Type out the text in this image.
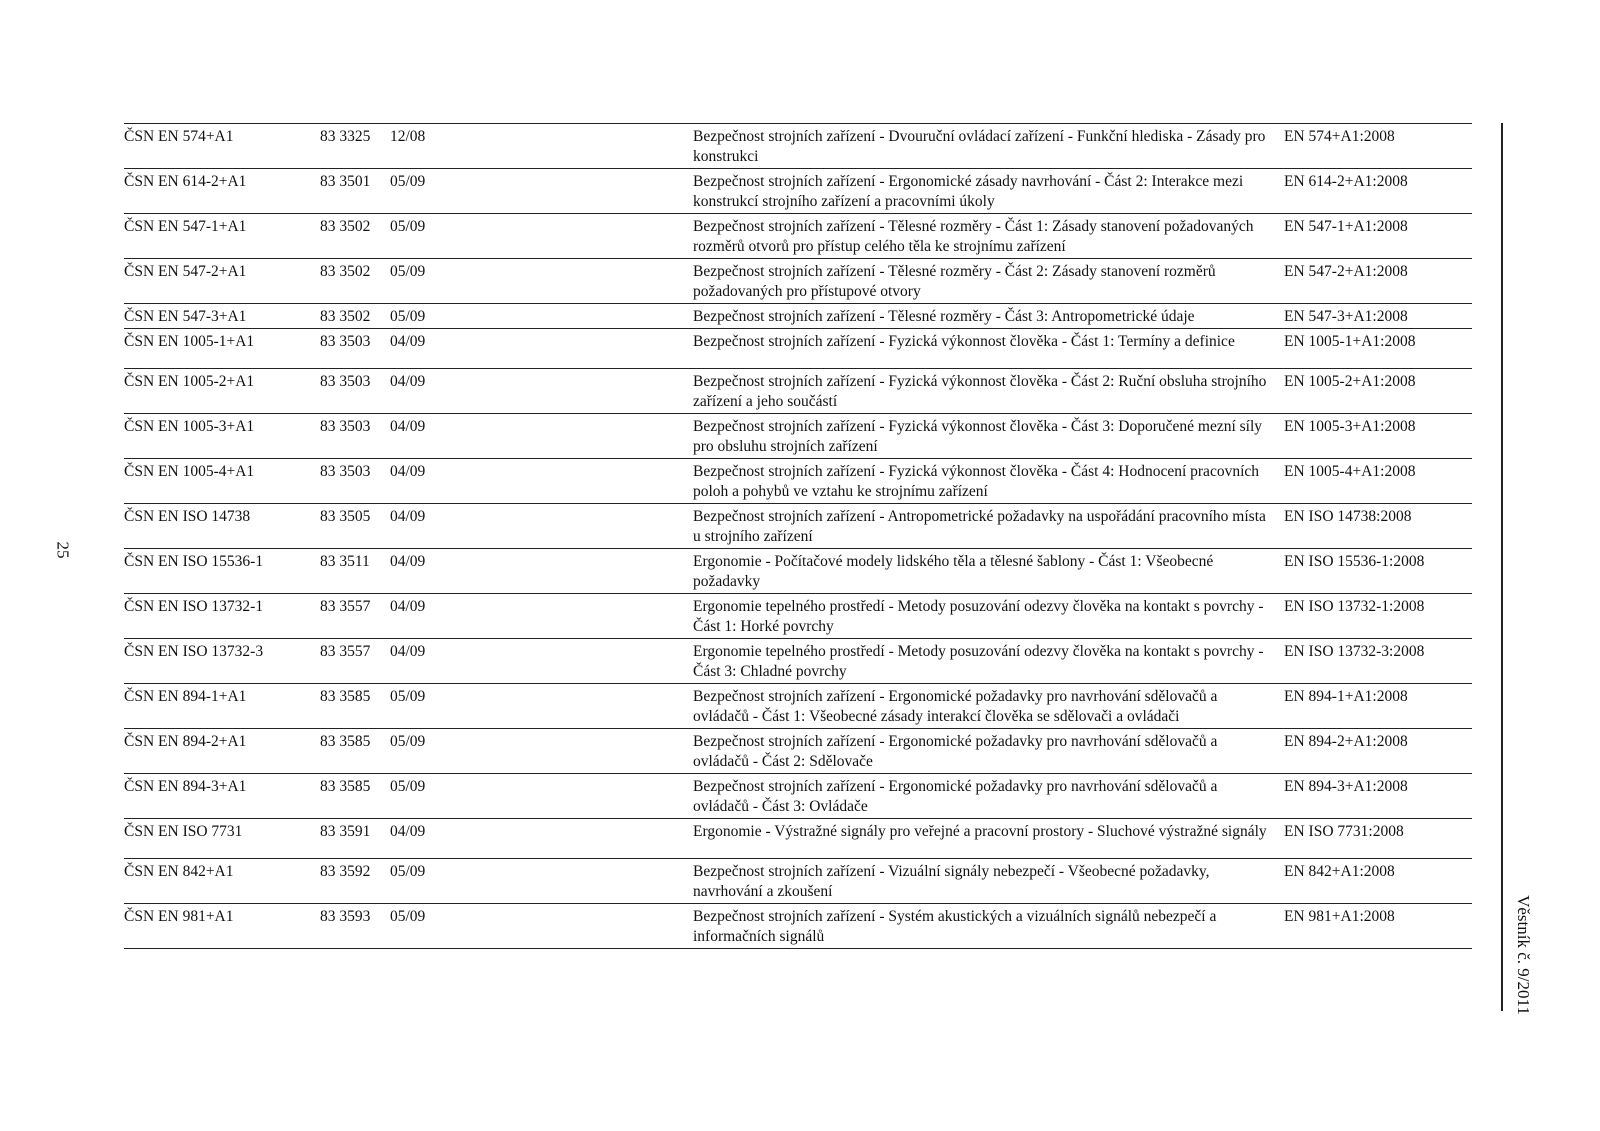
25
ČSN EN 574+A1	83 3325	12/08	Bezpečnost strojních zařízení - Dvouruční ovládací zařízení - Funkční hlediska - Zásady pro konstrukci	EN 574+A1:2008
ČSN EN 614-2+A1	83 3501	05/09	Bezpečnost strojních zařízení - Ergonomické zásady navrhování - Část 2: Interakce mezi konstrukcí strojního zařízení a pracovními úkoly	EN 614-2+A1:2008
ČSN EN 547-1+A1	83 3502	05/09	Bezpečnost strojních zařízení - Tělesné rozměry - Část 1: Zásady stanovení požadovaných rozměrů otvorů pro přístup celého těla ke strojnímu zařízení	EN 547-1+A1:2008
ČSN EN 547-2+A1	83 3502	05/09	Bezpečnost strojních zařízení - Tělesné rozměry - Část 2: Zásady stanovení rozměrů požadovaných pro přístupové otvory	EN 547-2+A1:2008
ČSN EN 547-3+A1	83 3502	05/09	Bezpečnost strojních zařízení - Tělesné rozměry - Část 3: Antropometrické údaje	EN 547-3+A1:2008
ČSN EN 1005-1+A1	83 3503	04/09	Bezpečnost strojních zařízení - Fyzická výkonnost člověka - Část 1: Termíny a definice	EN 1005-1+A1:2008
ČSN EN 1005-2+A1	83 3503	04/09	Bezpečnost strojních zařízení - Fyzická výkonnost člověka - Část 2: Ruční obsluha strojního zařízení a jeho součástí	EN 1005-2+A1:2008
ČSN EN 1005-3+A1	83 3503	04/09	Bezpečnost strojních zařízení - Fyzická výkonnost člověka - Část 3: Doporučené mezní síly pro obsluhu strojních zařízení	EN 1005-3+A1:2008
ČSN EN 1005-4+A1	83 3503	04/09	Bezpečnost strojních zařízení - Fyzická výkonnost člověka - Část 4: Hodnocení pracovních poloh a pohybů ve vztahu ke strojnímu zařízení	EN 1005-4+A1:2008
ČSN EN ISO 14738	83 3505	04/09	Bezpečnost strojních zařízení - Antropometrické požadavky na uspořádání pracovního místa u strojního zařízení	EN ISO 14738:2008
ČSN EN ISO 15536-1	83 3511	04/09	Ergonomie - Počítačové modely lidského těla a tělesné šablony - Část 1: Všeobecné požadavky	EN ISO 15536-1:2008
ČSN EN ISO 13732-1	83 3557	04/09	Ergonomie tepelného prostředí - Metody posuzování odezvy člověka na kontakt s povrchy - Část 1: Horké povrchy	EN ISO 13732-1:2008
ČSN EN ISO 13732-3	83 3557	04/09	Ergonomie tepelného prostředí - Metody posuzování odezvy člověka na kontakt s povrchy - Část 3: Chladné povrchy	EN ISO 13732-3:2008
ČSN EN 894-1+A1	83 3585	05/09	Bezpečnost strojních zařízení - Ergonomické požadavky pro navrhování sdělovačů a ovládačů - Část 1: Všeobecné zásady interakcí člověka se sdělovači a ovládači	EN 894-1+A1:2008
ČSN EN 894-2+A1	83 3585	05/09	Bezpečnost strojních zařízení - Ergonomické požadavky pro navrhování sdělovačů a ovládačů - Část 2: Sdělovače	EN 894-2+A1:2008
ČSN EN 894-3+A1	83 3585	05/09	Bezpečnost strojních zařízení - Ergonomické požadavky pro navrhování sdělovačů a ovládačů - Část 3: Ovládače	EN 894-3+A1:2008
ČSN EN ISO 7731	83 3591	04/09	Ergonomie - Výstražné signály pro veřejné a pracovní prostory - Sluchové výstražné signály	EN ISO 7731:2008
ČSN EN 842+A1	83 3592	05/09	Bezpečnost strojních zařízení - Vizuální signály nebezpečí - Všeobecné požadavky, navrhování a zkoušení	EN 842+A1:2008
ČSN EN 981+A1	83 3593	05/09	Bezpečnost strojních zařízení - Systém akustických a vizuálních signálů nebezpečí a informačních signálů	EN 981+A1:2008	Věstník č. 9/2011
